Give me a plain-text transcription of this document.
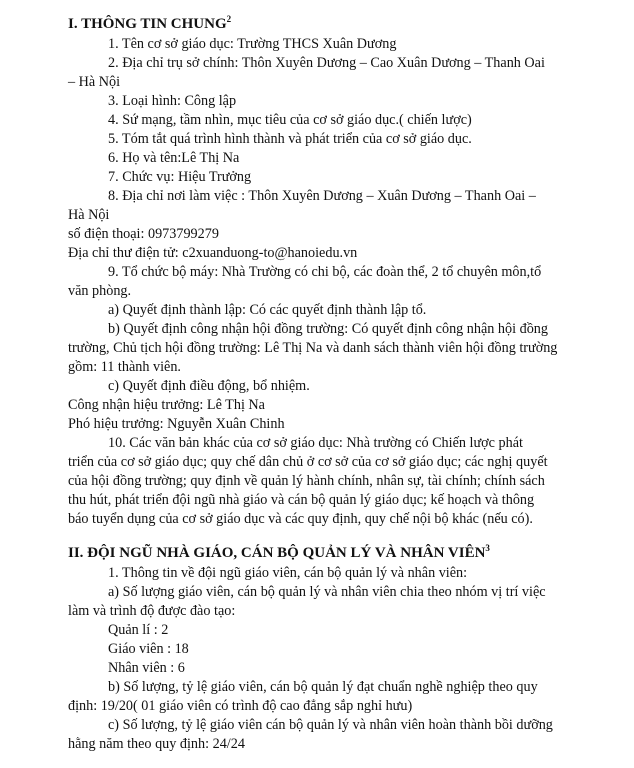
I. THÔNG TIN CHUNG$^2$
1. Tên cơ sở giáo dục: Trường THCS Xuân Dương
2. Địa chỉ trụ sở chính: Thôn Xuyên Dương – Cao Xuân Dương – Thanh Oai
– Hà Nội
3. Loại hình: Công lập
4. Sứ mạng, tầm nhìn, mục tiêu của cơ sở giáo dục.( chiến lược)
5. Tóm tắt quá trình hình thành và phát triển của cơ sở giáo dục.
6. Họ và tên:Lê Thị Na
7. Chức vụ: Hiệu Trưởng
8. Địa chỉ nơi làm việc : Thôn Xuyên Dương – Xuân Dương – Thanh Oai –
Hà Nội
số điện thoại: 0973799279
Địa chỉ thư điện tử: c2xuanduong-to@hanoiedu.vn
9. Tổ chức bộ máy: Nhà Trường có chi bộ, các đoàn thể, 2 tổ chuyên môn,tổ
văn phòng.
a) Quyết định thành lập: Có các quyết định thành lập tổ.
b) Quyết định công nhận hội đồng trường: Có quyết định công nhận hội đồng
trường, Chủ tịch hội đồng trường: Lê Thị Na và danh sách thành viên hội đồng trường
gồm: 11 thành viên.
c) Quyết định điều động, bổ nhiệm.
Công nhận hiệu trưởng: Lê Thị Na
Phó hiệu trưởng: Nguyễn Xuân Chinh
10. Các văn bản khác của cơ sở giáo dục: Nhà trường có Chiến lược phát
triển của cơ sở giáo dục; quy chế dân chủ ở cơ sở của cơ sở giáo dục; các nghị quyết
của hội đồng trường; quy định về quản lý hành chính, nhân sự, tài chính; chính sách
thu hút, phát triển đội ngũ nhà giáo và cán bộ quản lý giáo dục; kế hoạch và thông
báo tuyển dụng của cơ sở giáo dục và các quy định, quy chế nội bộ khác (nếu có).
II. ĐỘI NGŨ NHÀ GIÁO, CÁN BỘ QUẢN LÝ VÀ NHÂN VIÊN$^3$
1. Thông tin về đội ngũ giáo viên, cán bộ quản lý và nhân viên:
a) Số lượng giáo viên, cán bộ quản lý và nhân viên chia theo nhóm vị trí việc
làm và trình độ được đào tạo:
Quản lí : 2
Giáo viên : 18
Nhân viên : 6
b) Số lượng, tỷ lệ giáo viên, cán bộ quản lý đạt chuẩn nghề nghiệp theo quy
định: 19/20( 01 giáo viên có trình độ cao đẳng sắp nghỉ hưu)
c) Số lượng, tỷ lệ giáo viên cán bộ quản lý và nhân viên hoàn thành bồi dưỡng
hằng năm theo quy định: 24/24
